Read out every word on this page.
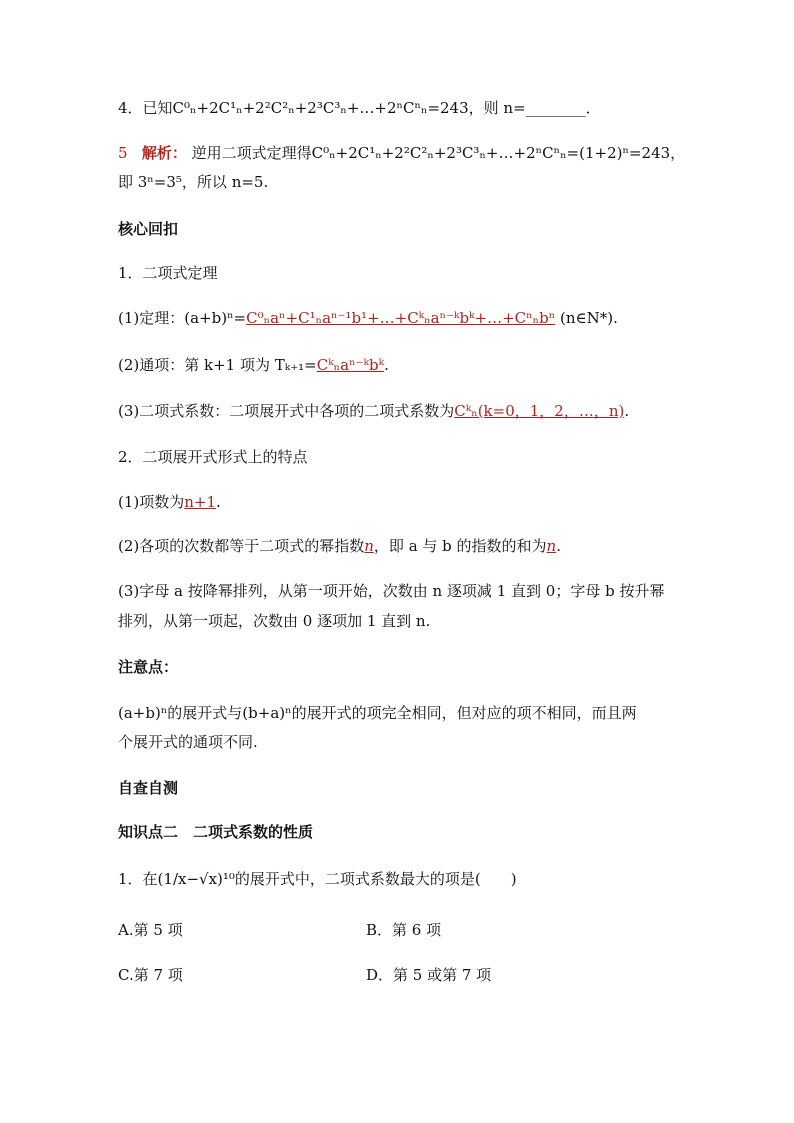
4．已知C⁰ₙ+2C¹ₙ+2²C²ₙ+2³C³ₙ+…+2ⁿCⁿₙ=243，则 n=________．
5 解析： 逆用二项式定理得C⁰ₙ+2C¹ₙ+2²C²ₙ+2³C³ₙ+…+2ⁿCⁿₙ=(1+2)ⁿ=243，
即 3ⁿ=3⁵，所以 n=5.
核心回扣
1．二项式定理
(1)定理：(a+b)ⁿ=C⁰ₙaⁿ+C¹ₙaⁿ⁻¹b¹+…+Cᵏₙaⁿ⁻ᵏbᵏ+…+Cⁿₙbⁿ (n∈N*).
(2)通项：第 k+1 项为 Tₖ₊₁=Cᵏₙaⁿ⁻ᵏbᵏ.
(3)二项式系数：二项展开式中各项的二项式系数为Cᵏₙ(k=0，1，2，…，n).
2．二项展开式形式上的特点
(1)项数为n+1.
(2)各项的次数都等于二项式的幂指数n，即 a 与 b 的指数的和为n.
(3)字母 a 按降幂排列，从第一项开始，次数由 n 逐项减 1 直到 0；字母 b 按升幂
排列，从第一项起，次数由 0 逐项加 1 直到 n.
注意点：
(a+b)ⁿ的展开式与(b+a)ⁿ的展开式的项完全相同，但对应的项不相同，而且两
个展开式的通项不同.
自查自测
知识点二　二项式系数的性质
1．在(1/x−√x)¹⁰的展开式中，二项式系数最大的项是(　　)
A.第 5 项	B．第 6 项
C.第 7 项	D．第 5 或第 7 项
